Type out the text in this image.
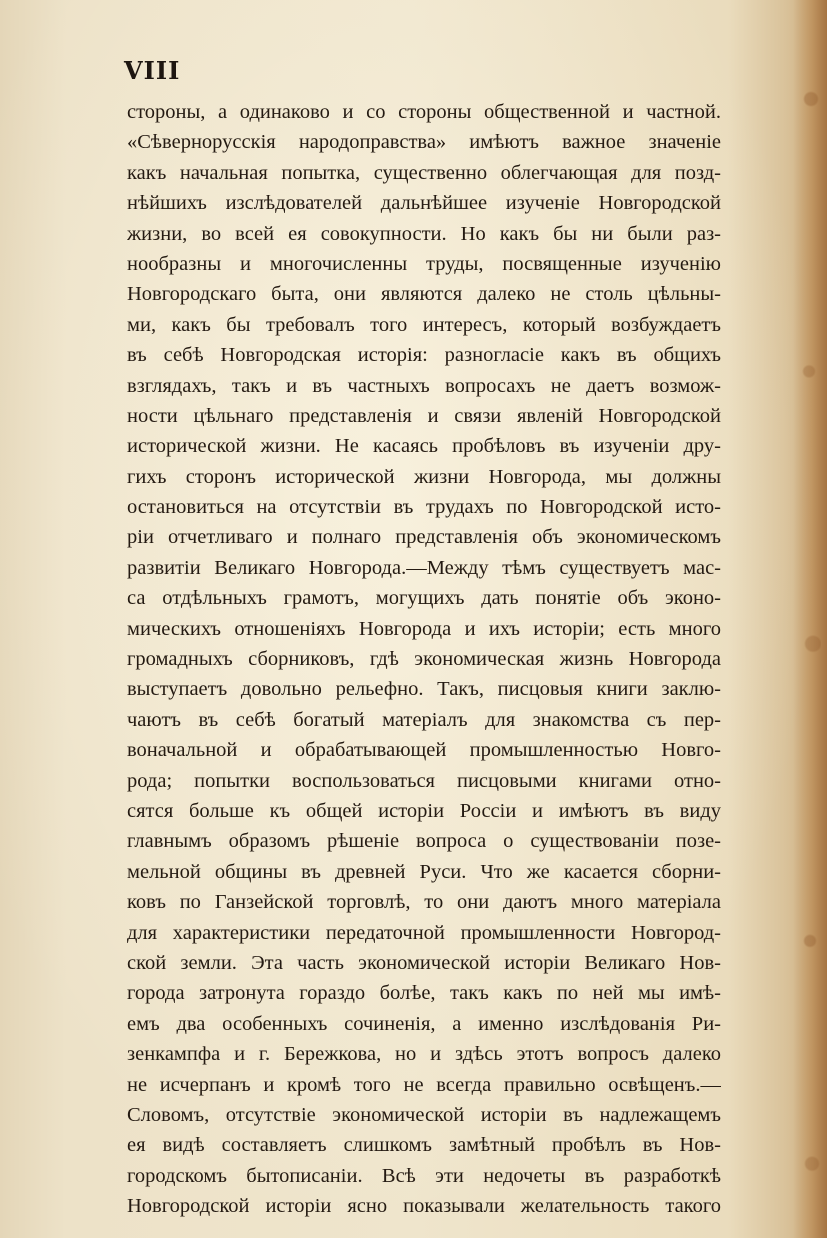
VIII
стороны, а одинаково и со стороны общественной и частной.
«Сѣвернорусскія народоправства» имѣютъ важное значеніе
какъ начальная попытка, существенно облегчающая для позд-
нѣйшихъ изслѣдователей дальнѣйшее изученіе Новгородской
жизни, во всей ея совокупности. Но какъ бы ни были раз-
нообразны и многочисленны труды, посвященные изученію
Новгородскаго быта, они являются далеко не столь цѣльны-
ми, какъ бы требовалъ того интересъ, который возбуждаетъ
въ себѣ Новгородская исторія: разногласіе какъ въ общихъ
взглядахъ, такъ и въ частныхъ вопросахъ не даетъ возмож-
ности цѣльнаго представленія и связи явленій Новгородской
исторической жизни. Не касаясь пробѣловъ въ изученіи дру-
гихъ сторонъ исторической жизни Новгорода, мы должны
остановиться на отсутствіи въ трудахъ по Новгородской исто-
ріи отчетливаго и полнаго представленія объ экономическомъ
развитіи Великаго Новгорода.—Между тѣмъ существуетъ мас-
са отдѣльныхъ грамотъ, могущихъ дать понятіе объ эконо-
мическихъ отношеніяхъ Новгорода и ихъ исторіи; есть много
громадныхъ сборниковъ, гдѣ экономическая жизнь Новгорода
выступаетъ довольно рельефно. Такъ, писцовыя книги заклю-
чаютъ въ себѣ богатый матеріалъ для знакомства съ пер-
воначальной и обрабатывающей промышленностью Новго-
рода; попытки воспользоваться писцовыми книгами отно-
сятся больше къ общей исторіи Россіи и имѣютъ въ виду
главнымъ образомъ рѣшеніе вопроса о существованіи позе-
мельной общины въ древней Руси. Что же касается сборни-
ковъ по Ганзейской торговлѣ, то они даютъ много матеріала
для характеристики передаточной промышленности Новгород-
ской земли. Эта часть экономической исторіи Великаго Нов-
города затронута гораздо болѣе, такъ какъ по ней мы имѣ-
емъ два особенныхъ сочиненія, а именно изслѣдованія Ри-
зенкампфа и г. Бережкова, но и здѣсь этотъ вопросъ далеко
не исчерпанъ и кромѣ того не всегда правильно освѣщенъ.—
Словомъ, отсутствіе экономической исторіи въ надлежащемъ
ея видѣ составляетъ слишкомъ замѣтный пробѣлъ въ Нов-
городскомъ бытописаніи. Всѣ эти недочеты въ разработкѣ
Новгородской исторіи ясно показывали желательность такого
